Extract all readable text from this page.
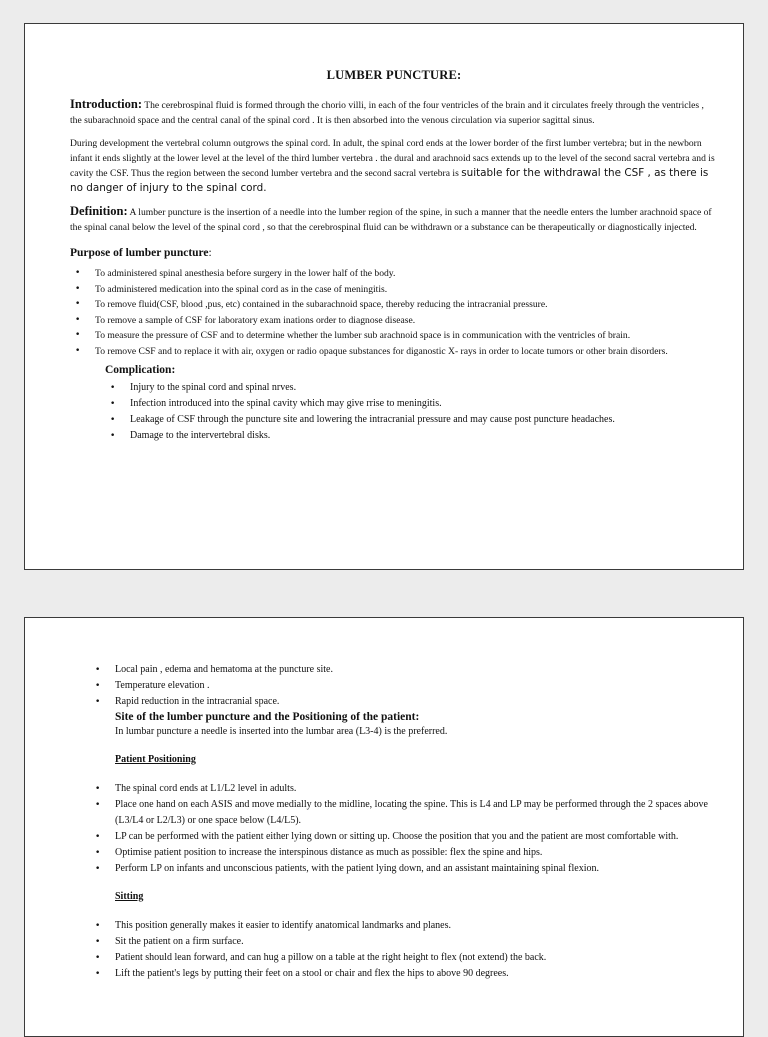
LUMBER PUNCTURE:

Introduction: The cerebrospinal fluid is formed through the chorio villi, in each of the four ventricles of the brain and it circulates freely through the ventricles , the subarachnoid space and the central canal of the spinal cord . It is then absorbed into the venous circulation via superior sagittal sinus.

During development the vertebral column outgrows the spinal cord. In adult, the spinal cord ends at the lower border of the first lumber vertebra; but in the newborn infant it ends slightly at the lower level at the level of the third lumber vertebra . the dural and arachnoid sacs extends up to the level of the second sacral vertebra and is cavity the CSF. Thus the region between the second lumber vertebra and the second sacral vertebra is suitable for the withdrawal the CSF , as there is no danger of injury to the spinal cord.

Definition: A lumber puncture is the insertion of a needle into the lumber region of the spine, in such a manner that the needle enters the lumber arachnoid space of the spinal canal below the level of the spinal cord , so that the cerebrospinal fluid can be withdrawn or a substance can be therapeutically or diagnostically injected.

Purpose of lumber puncture:
• To administered spinal anesthesia before surgery in the lower half of the body.
• To administered medication into the spinal cord as in the case of meningitis.
• To remove fluid(CSF, blood ,pus, etc) contained in the subarachnoid space, thereby reducing the intracranial pressure.
• To remove a sample of CSF for laboratory exam inations order to diagnose disease.
• To measure the pressure of CSF and to determine whether the lumber sub arachnoid space is in communication with the ventricles of brain.
• To remove CSF and to replace it with air, oxygen or radio opaque substances for diganostic X- rays in order to locate tumors or other brain disorders.
Complication:
• Injury to the spinal cord and spinal nrves.
• Infection introduced into the spinal cavity which may give rrise to meningitis.
• Leakage of CSF through the puncture site and lowering the intracranial pressure and may cause post puncture headaches.
• Damage to the intervertebral disks.
• Local pain , edema and hematoma at the puncture site.
• Temperature elevation .
• Rapid reduction in the intracranial space.
Site of the lumber puncture and the Positioning of the patient:

In lumbar puncture a needle is inserted into the lumbar area (L3-4) is the preferred.

Patient Positioning
• The spinal cord ends at L1/L2 level in adults.
• Place one hand on each ASIS and move medially to the midline, locating the spine. This is L4 and LP may be performed through the 2 spaces above (L3/L4 or L2/L3) or one space below (L4/L5).
• LP can be performed with the patient either lying down or sitting up. Choose the position that you and the patient are most comfortable with.
• Optimise patient position to increase the interspinous distance as much as possible: flex the spine and hips.
• Perform LP on infants and unconscious patients, with the patient lying down, and an assistant maintaining spinal flexion.
Sitting
• This position generally makes it easier to identify anatomical landmarks and planes.
• Sit the patient on a firm surface.
• Patient should lean forward, and can hug a pillow on a table at the right height to flex (not extend) the back.
• Lift the patient's legs by putting their feet on a stool or chair and flex the hips to above 90 degrees.
